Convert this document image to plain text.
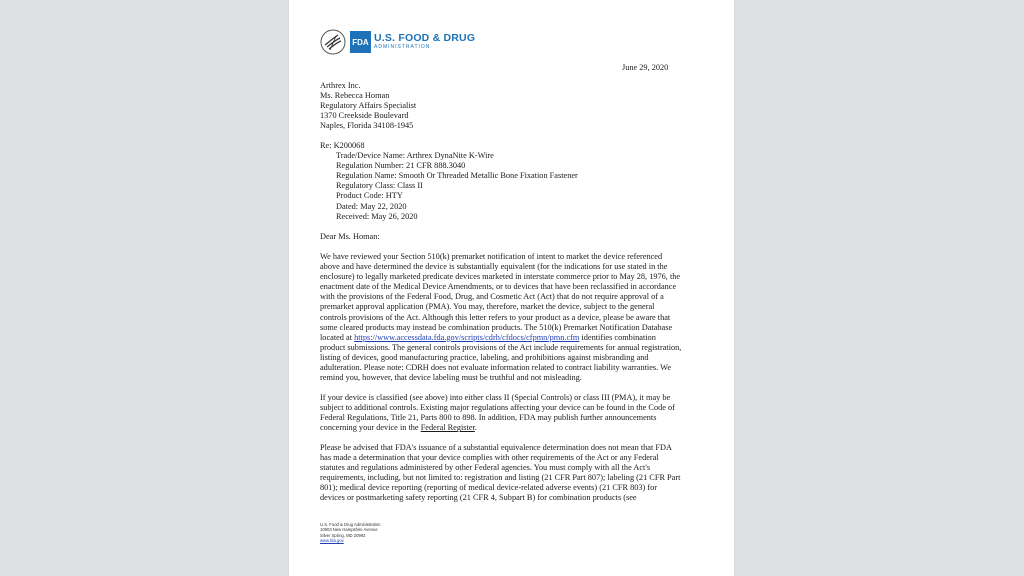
FDA U.S. FOOD & DRUG
ADMINISTRATION
June 29, 2020
Arthrex Inc.
Ms. Rebecca Homan
Regulatory Affairs Specialist
1370 Creekside Boulevard
Naples, Florida 34108-1945
Re: K200068
Trade/Device Name: Arthrex DynaNite K-Wire
Regulation Number: 21 CFR 888.3040
Regulation Name: Smooth Or Threaded Metallic Bone Fixation Fastener
Regulatory Class: Class II
Product Code: HTY
Dated: May 22, 2020
Received: May 26, 2020
Dear Ms. Homan:
We have reviewed your Section 510(k) premarket notification of intent to market the device referenced
above and have determined the device is substantially equivalent (for the indications for use stated in the
enclosure) to legally marketed predicate devices marketed in interstate commerce prior to May 28, 1976, the
enactment date of the Medical Device Amendments, or to devices that have been reclassified in accordance
with the provisions of the Federal Food, Drug, and Cosmetic Act (Act) that do not require approval of a
premarket approval application (PMA). You may, therefore, market the device, subject to the general
controls provisions of the Act. Although this letter refers to your product as a device, please be aware that
some cleared products may instead be combination products. The 510(k) Premarket Notification Database
located at https://www.accessdata.fda.gov/scripts/cdrh/cfdocs/cfpmn/pmn.cfm identifies combination
product submissions. The general controls provisions of the Act include requirements for annual registration,
listing of devices, good manufacturing practice, labeling, and prohibitions against misbranding and
adulteration. Please note: CDRH does not evaluate information related to contract liability warranties. We
remind you, however, that device labeling must be truthful and not misleading.
If your device is classified (see above) into either class II (Special Controls) or class III (PMA), it may be
subject to additional controls. Existing major regulations affecting your device can be found in the Code of
Federal Regulations, Title 21, Parts 800 to 898. In addition, FDA may publish further announcements
concerning your device in the Federal Register.
Please be advised that FDA's issuance of a substantial equivalence determination does not mean that FDA
has made a determination that your device complies with other requirements of the Act or any Federal
statutes and regulations administered by other Federal agencies. You must comply with all the Act's
requirements, including, but not limited to: registration and listing (21 CFR Part 807); labeling (21 CFR Part
801); medical device reporting (reporting of medical device-related adverse events) (21 CFR 803) for
devices or postmarketing safety reporting (21 CFR 4, Subpart B) for combination products (see
U.S. Food & Drug Administration
10903 New Hampshire Avenue
Silver Spring, MD 20993
www.fda.gov
